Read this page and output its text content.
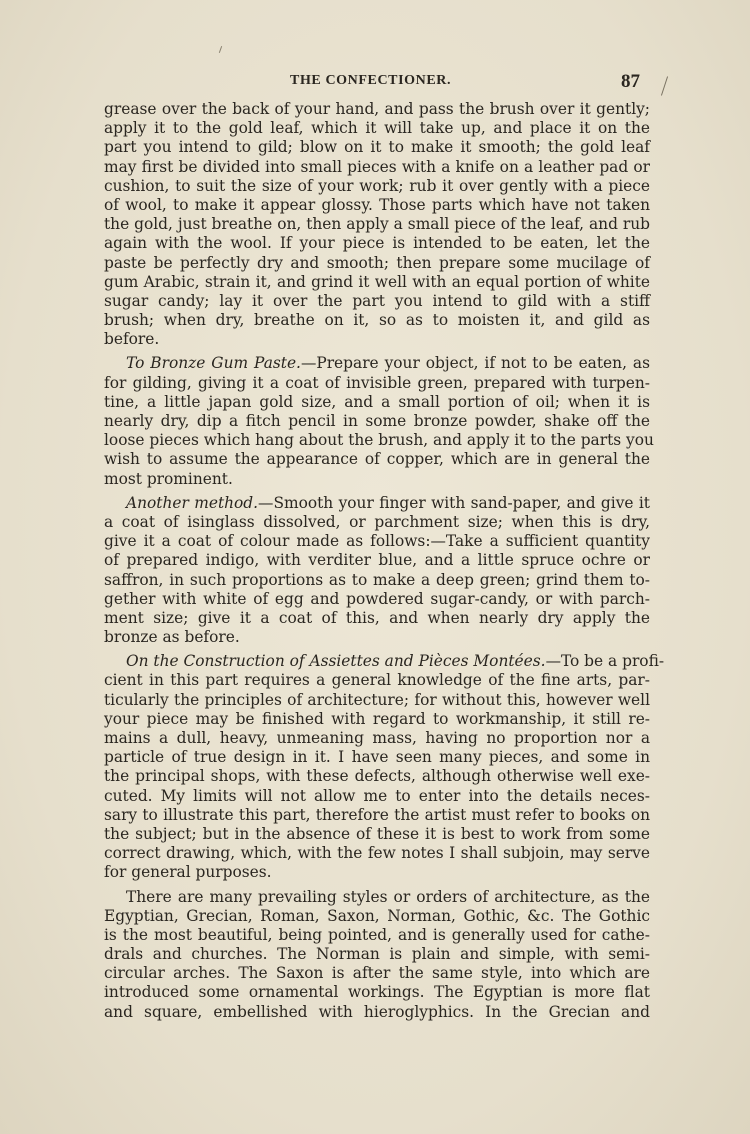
THE CONFECTIONER.	87
grease over the back of your hand, and pass the brush over it gently;
apply it to the gold leaf, which it will take up, and place it on the
part you intend to gild; blow on it to make it smooth; the gold leaf
may first be divided into small pieces with a knife on a leather pad or
cushion, to suit the size of your work; rub it over gently with a piece
of wool, to make it appear glossy. Those parts which have not taken
the gold, just breathe on, then apply a small piece of the leaf, and rub
again with the wool. If your piece is intended to be eaten, let the
paste be perfectly dry and smooth; then prepare some mucilage of
gum Arabic, strain it, and grind it well with an equal portion of white
sugar candy; lay it over the part you intend to gild with a stiff
brush; when dry, breathe on it, so as to moisten it, and gild as
before.
To Bronze Gum Paste.—Prepare your object, if not to be eaten, as
for gilding, giving it a coat of invisible green, prepared with turpen-
tine, a little japan gold size, and a small portion of oil; when it is
nearly dry, dip a fitch pencil in some bronze powder, shake off the
loose pieces which hang about the brush, and apply it to the parts you
wish to assume the appearance of copper, which are in general the
most prominent.
Another method.—Smooth your finger with sand-paper, and give it
a coat of isinglass dissolved, or parchment size; when this is dry,
give it a coat of colour made as follows:—Take a sufficient quantity
of prepared indigo, with verditer blue, and a little spruce ochre or
saffron, in such proportions as to make a deep green; grind them to-
gether with white of egg and powdered sugar-candy, or with parch-
ment size; give it a coat of this, and when nearly dry apply the
bronze as before.
On the Construction of Assiettes and Pièces Montées.—To be a profi-
cient in this part requires a general knowledge of the fine arts, par-
ticularly the principles of architecture; for without this, however well
your piece may be finished with regard to workmanship, it still re-
mains a dull, heavy, unmeaning mass, having no proportion nor a
particle of true design in it. I have seen many pieces, and some in
the principal shops, with these defects, although otherwise well exe-
cuted. My limits will not allow me to enter into the details neces-
sary to illustrate this part, therefore the artist must refer to books on
the subject; but in the absence of these it is best to work from some
correct drawing, which, with the few notes I shall subjoin, may serve
for general purposes.
There are many prevailing styles or orders of architecture, as the
Egyptian, Grecian, Roman, Saxon, Norman, Gothic, &c. The Gothic
is the most beautiful, being pointed, and is generally used for cathe-
drals and churches. The Norman is plain and simple, with semi-
circular arches. The Saxon is after the same style, into which are
introduced some ornamental workings. The Egyptian is more flat
and square, embellished with hieroglyphics. In the Grecian and
